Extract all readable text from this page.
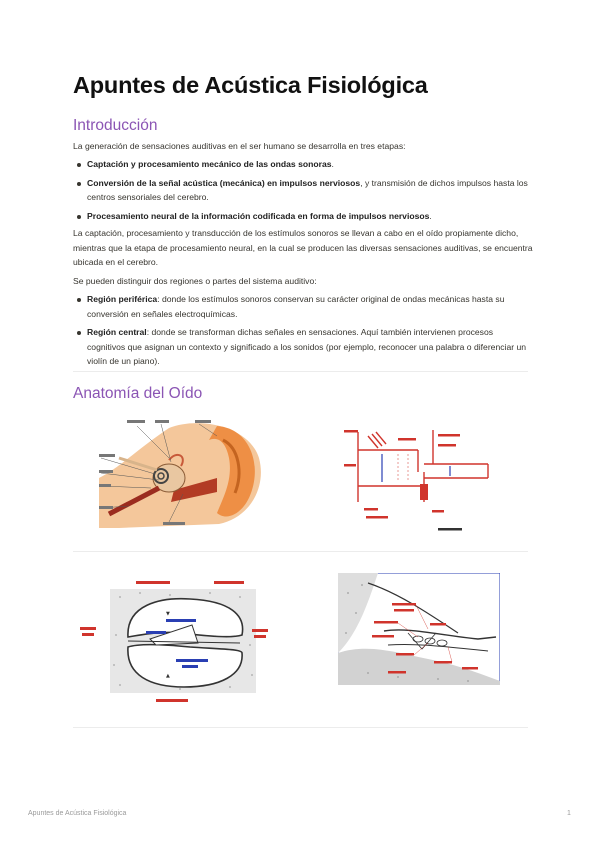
Apuntes de Acústica Fisiológica
Introducción

La generación de sensaciones auditivas en el ser humano se desarrolla en tres etapas:

Captación y procesamiento mecánico de las ondas sonoras.
Conversión de la señal acústica (mecánica) en impulsos nerviosos, y transmisión de dichos impulsos hasta los centros sensoriales del cerebro.
Procesamiento neural de la información codificada en forma de impulsos nerviosos.

La captación, procesamiento y transducción de los estímulos sonoros se llevan a cabo en el oído propiamente dicho, mientras que la etapa de procesamiento neural, en la cual se producen las diversas sensaciones auditivas, se encuentra ubicada en el cerebro.

Se pueden distinguir dos regiones o partes del sistema auditivo:

Región periférica: donde los estímulos sonoros conservan su carácter original de ondas mecánicas hasta su conversión en señales electroquímicas.
Región central: donde se transforman dichas señales en sensaciones. Aquí también intervienen procesos cognitivos que asignan un contexto y significado a los sonidos (por ejemplo, reconocer una palabra o diferenciar un violín de un piano).
Anatomía del Oído
▼
▲
Apuntes de Acústica Fisiológica	1
